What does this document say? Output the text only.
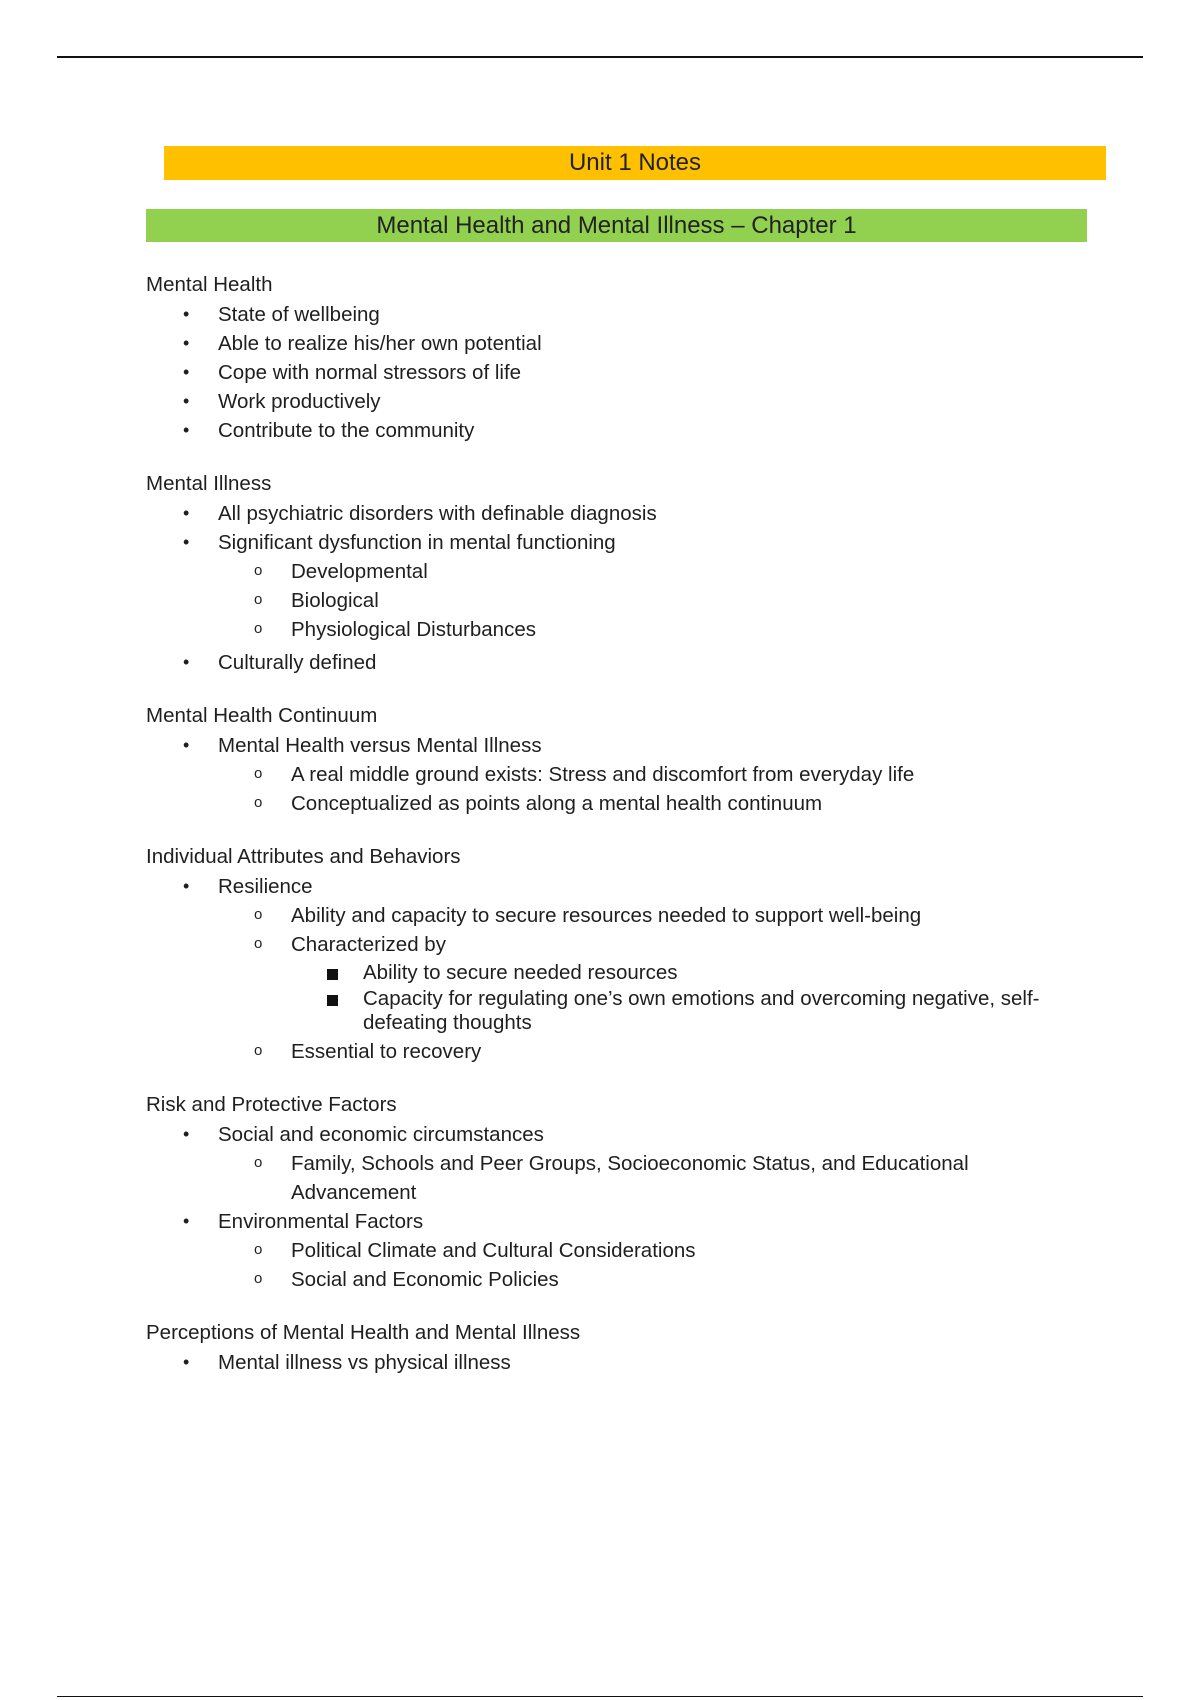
Unit 1 Notes
Mental Health and Mental Illness – Chapter 1
Mental Health
• State of wellbeing
• Able to realize his/her own potential
• Cope with normal stressors of life
• Work productively
• Contribute to the community
Mental Illness
• All psychiatric disorders with definable diagnosis
• Significant dysfunction in mental functioning
o Developmental
o Biological
o Physiological Disturbances
• Culturally defined
Mental Health Continuum
• Mental Health versus Mental Illness
o A real middle ground exists: Stress and discomfort from everyday life
o Conceptualized as points along a mental health continuum
Individual Attributes and Behaviors
• Resilience
o Ability and capacity to secure resources needed to support well-being
o Characterized by
Ability to secure needed resources
Capacity for regulating one’s own emotions and overcoming negative, self-defeating thoughts
o Essential to recovery
Risk and Protective Factors
• Social and economic circumstances
o Family, Schools and Peer Groups, Socioeconomic Status, and Educational Advancement
• Environmental Factors
o Political Climate and Cultural Considerations
o Social and Economic Policies
Perceptions of Mental Health and Mental Illness
• Mental illness vs physical illness
